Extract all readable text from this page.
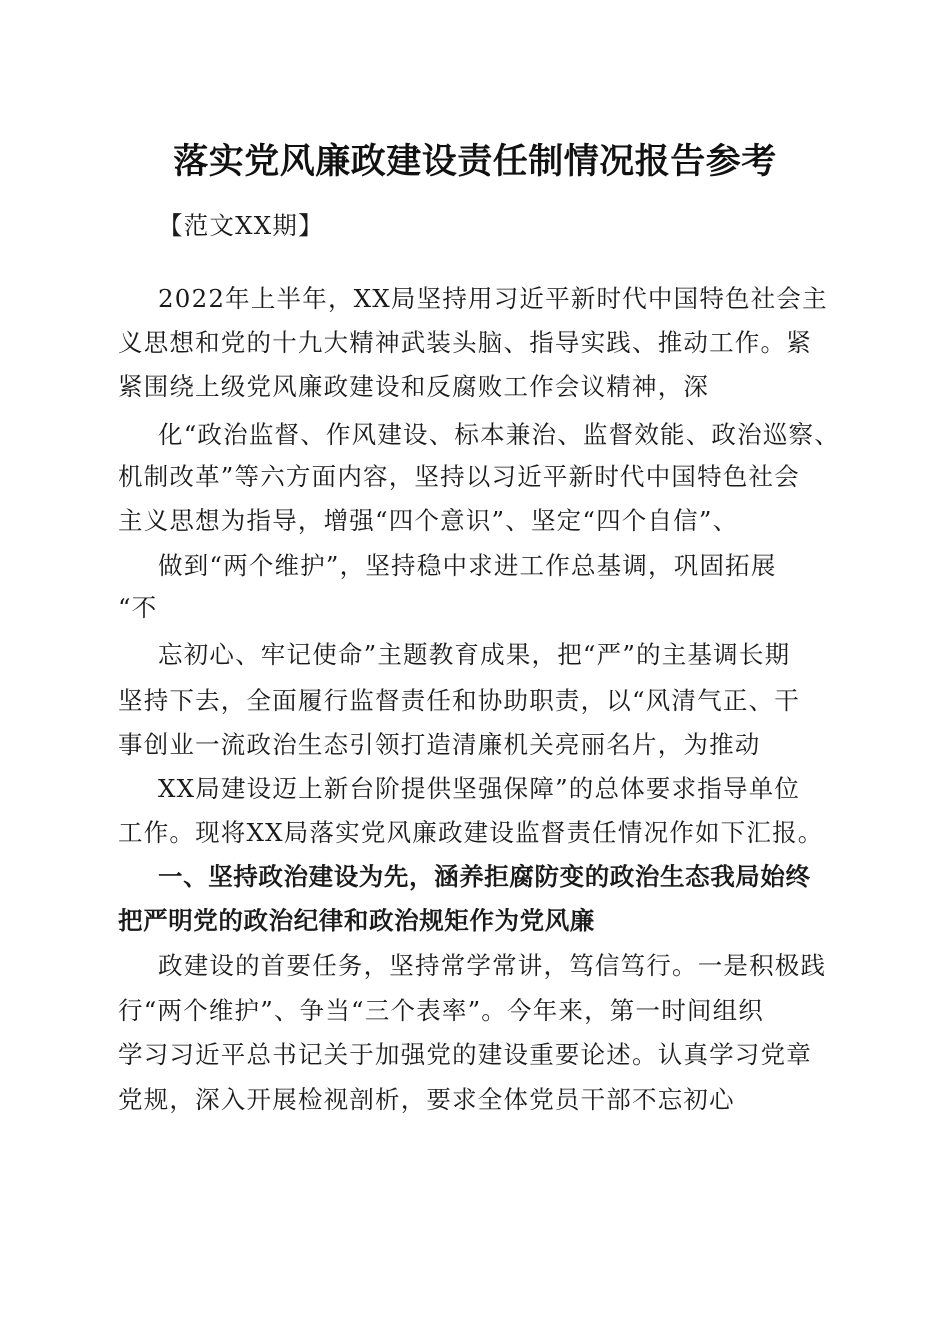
落实党风廉政建设责任制情况报告参考
【范文XX期】
2022年上半年，XX局坚持用习近平新时代中国特色社会主
义思想和党的十九大精神武装头脑、指导实践、推动工作。紧
紧围绕上级党风廉政建设和反腐败工作会议精神，深
化“政治监督、作风建设、标本兼治、监督效能、政治巡察、
机制改革”等六方面内容，坚持以习近平新时代中国特色社会
主义思想为指导，增强“四个意识”、坚定“四个自信”、
做到“两个维护”，坚持稳中求进工作总基调，巩固拓展
“不
忘初心、牢记使命”主题教育成果，把“严”的主基调长期
坚持下去，全面履行监督责任和协助职责，以“风清气正、干
事创业一流政治生态引领打造清廉机关亮丽名片，为推动
XX局建设迈上新台阶提供坚强保障”的总体要求指导单位
工作。现将XX局落实党风廉政建设监督责任情况作如下汇报。
一、坚持政治建设为先，涵养拒腐防变的政治生态我局始终
把严明党的政治纪律和政治规矩作为党风廉
政建设的首要任务，坚持常学常讲，笃信笃行。一是积极践
行“两个维护”、争当“三个表率”。今年来，第一时间组织
学习习近平总书记关于加强党的建设重要论述。认真学习党章
党规，深入开展检视剖析，要求全体党员干部不忘初心
